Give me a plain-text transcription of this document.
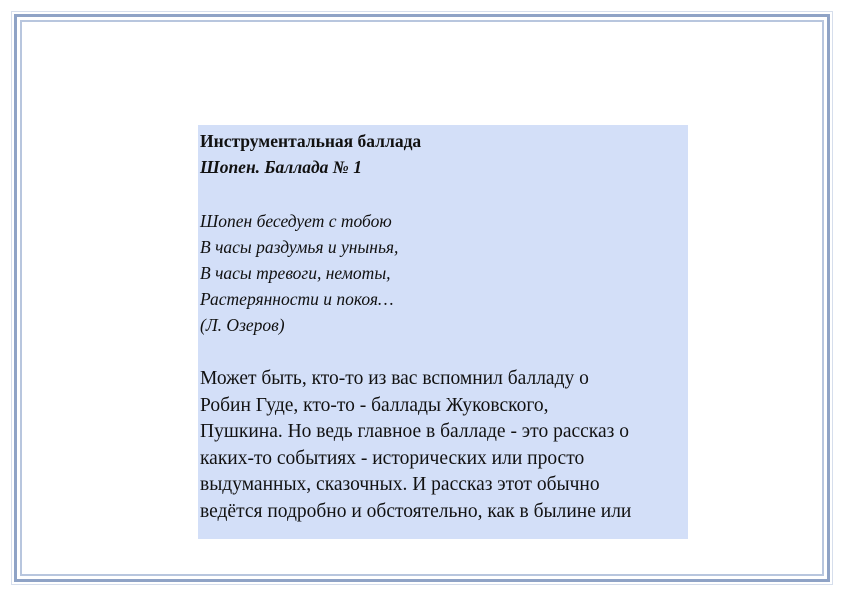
Инструментальная баллада
Шопен. Баллада № 1
Шопен беседует с тобою
В часы раздумья и унынья,
В часы тревоги, немоты,
Растерянности и покоя…
(Л. Озеров)
Может быть, кто-то из вас вспомнил балладу о
Робин Гуде, кто-то - баллады Жуковского,
Пушкина. Но ведь главное в балладе - это рассказ о
каких-то событиях - исторических или просто
выдуманных, сказочных. И рассказ этот обычно
ведётся подробно и обстоятельно, как в былине или
